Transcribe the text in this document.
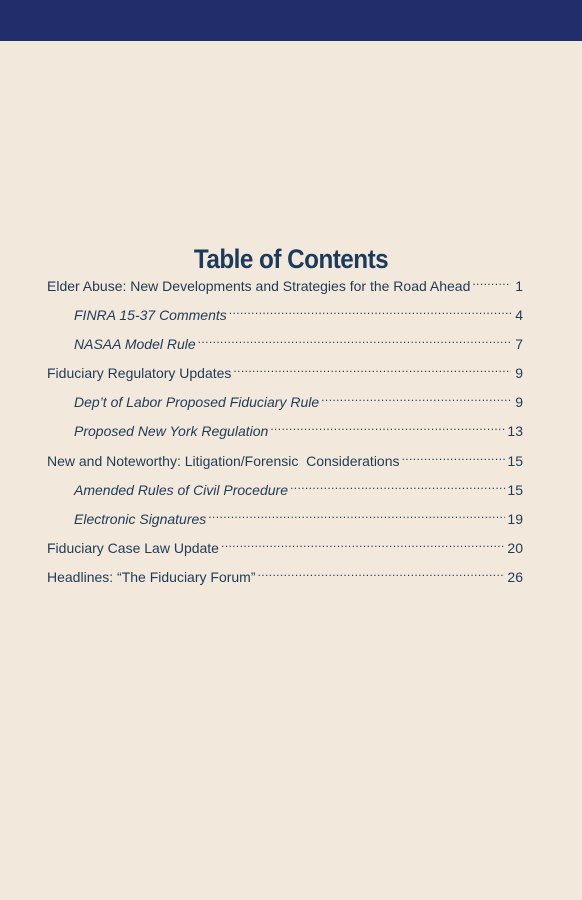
Table of Contents
Elder Abuse: New Developments and Strategies for the Road Ahead .....	1
FINRA 15-37 Comments .....	4
NASAA Model Rule .....	7
Fiduciary Regulatory Updates .....	9
Dep’t of Labor Proposed Fiduciary Rule .....	9
Proposed New York Regulation .....	13
New and Noteworthy: Litigation/Forensic  Considerations .....	15
Amended Rules of Civil Procedure .....	15
Electronic Signatures .....	19
Fiduciary Case Law Update .....	20
Headlines: “The Fiduciary Forum” .....	26
